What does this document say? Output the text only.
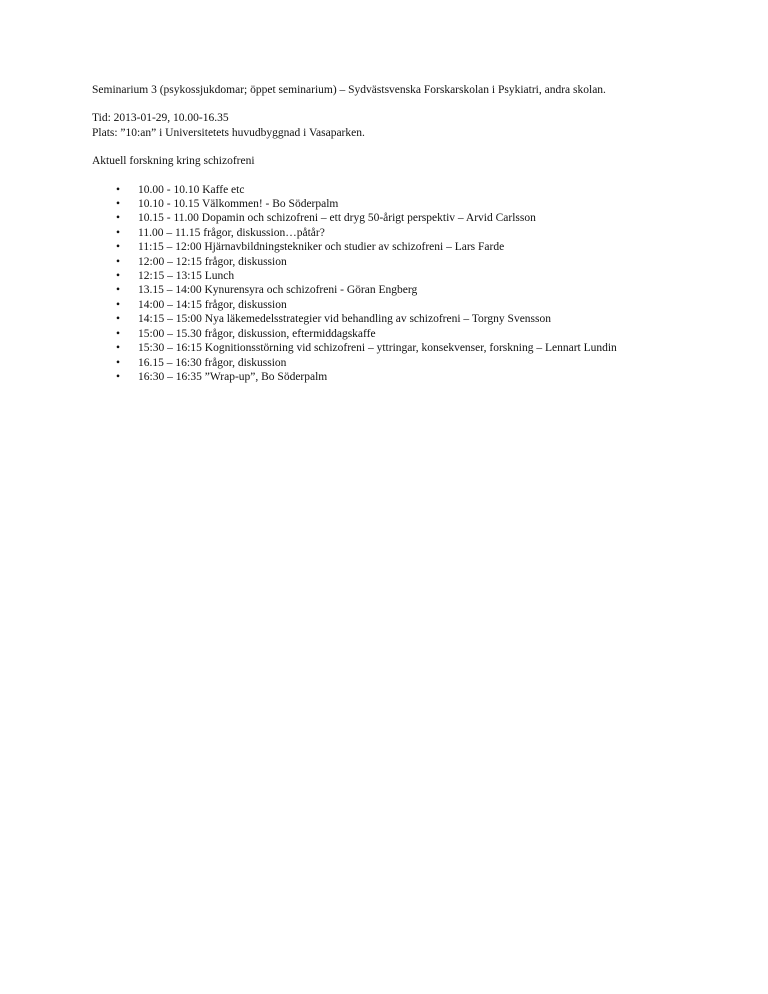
Seminarium 3 (psykossjukdomar; öppet seminarium) – Sydvästsvenska Forskarskolan i Psykiatri, andra skolan.

Tid: 2013-01-29, 10.00-16.35

Plats: ”10:an” i Universitetets huvudbyggnad i Vasaparken.

Aktuell forskning kring schizofreni

• 10.00 - 10.10 Kaffe etc
• 10.10 - 10.15 Välkommen! - Bo Söderpalm
• 10.15 - 11.00 Dopamin och schizofreni – ett dryg 50-årigt perspektiv – Arvid Carlsson
• 11.00 – 11.15 frågor, diskussion…påtår?
• 11:15 – 12:00 Hjärnavbildningstekniker och studier av schizofreni – Lars Farde
• 12:00 – 12:15 frågor, diskussion
• 12:15 – 13:15 Lunch
• 13.15 – 14:00 Kynurensyra och schizofreni - Göran Engberg
• 14:00 – 14:15 frågor, diskussion
• 14:15 – 15:00 Nya läkemedelsstrategier vid behandling av schizofreni – Torgny Svensson
• 15:00 – 15.30 frågor, diskussion, eftermiddagskaffe
• 15:30 – 16:15 Kognitionsstörning vid schizofreni – yttringar, konsekvenser, forskning – Lennart Lundin
• 16.15 – 16:30 frågor, diskussion
• 16:30 – 16:35 ”Wrap-up”, Bo Söderpalm
